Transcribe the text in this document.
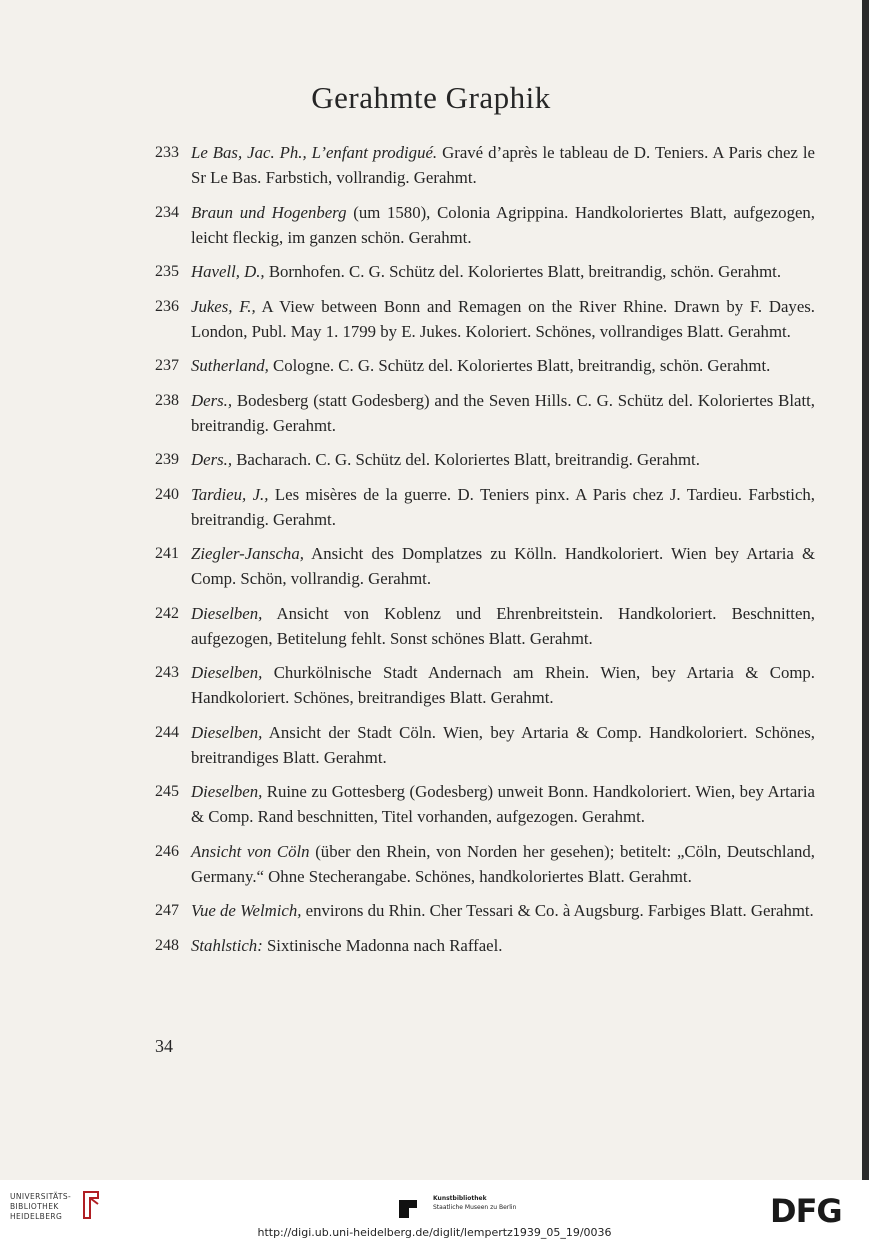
Gerahmte Graphik
233 Le Bas, Jac. Ph., L’enfant prodigué. Gravé d’après le tableau de D. Teniers. A Paris chez le Sr Le Bas. Farbstich, vollrandig. Gerahmt.
234 Braun und Hogenberg (um 1580), Colonia Agrippina. Handkoloriertes Blatt, aufgezogen, leicht fleckig, im ganzen schön. Gerahmt.
235 Havell, D., Bornhofen. C. G. Schütz del. Koloriertes Blatt, breitrandig, schön. Gerahmt.
236 Jukes, F., A View between Bonn and Remagen on the River Rhine. Drawn by F. Dayes. London, Publ. May 1. 1799 by E. Jukes. Koloriert. Schönes, vollrandiges Blatt. Gerahmt.
237 Sutherland, Cologne. C. G. Schütz del. Koloriertes Blatt, breitrandig, schön. Gerahmt.
238 Ders., Bodesberg (statt Godesberg) and the Seven Hills. C. G. Schütz del. Koloriertes Blatt, breitrandig. Gerahmt.
239 Ders., Bacharach. C. G. Schütz del. Koloriertes Blatt, breitrandig. Gerahmt.
240 Tardieu, J., Les misères de la guerre. D. Teniers pinx. A Paris chez J. Tardieu. Farbstich, breitrandig. Gerahmt.
241 Ziegler-Janscha, Ansicht des Domplatzes zu Kölln. Handkoloriert. Wien bey Artaria & Comp. Schön, vollrandig. Gerahmt.
242 Dieselben, Ansicht von Koblenz und Ehrenbreitstein. Handkoloriert. Beschnitten, aufgezogen, Betitelung fehlt. Sonst schönes Blatt. Gerahmt.
243 Dieselben, Churkölnische Stadt Andernach am Rhein. Wien, bey Artaria & Comp. Handkoloriert. Schönes, breitrandiges Blatt. Gerahmt.
244 Dieselben, Ansicht der Stadt Cöln. Wien, bey Artaria & Comp. Handkoloriert. Schönes, breitrandiges Blatt. Gerahmt.
245 Dieselben, Ruine zu Gottesberg (Godesberg) unweit Bonn. Handkoloriert. Wien, bey Artaria & Comp. Rand beschnitten, Titel vorhanden, aufgezogen. Gerahmt.
246 Ansicht von Cöln (über den Rhein, von Norden her gesehen); betitelt: „Cöln, Deutschland, Germany.“ Ohne Stecherangabe. Schönes, handkoloriertes Blatt. Gerahmt.
247 Vue de Welmich, environs du Rhin. Cher Tessari & Co. à Augsburg. Farbiges Blatt. Gerahmt.
248 Stahlstich: Sixtinische Madonna nach Raffael.
34
UNIVERSITÄTS-
BIBLIOTHEK
HEIDELBERG
Kunstbibliothek
Staatliche Museen zu Berlin	DFG
http://digi.ub.uni-heidelberg.de/diglit/lempertz1939_05_19/0036
